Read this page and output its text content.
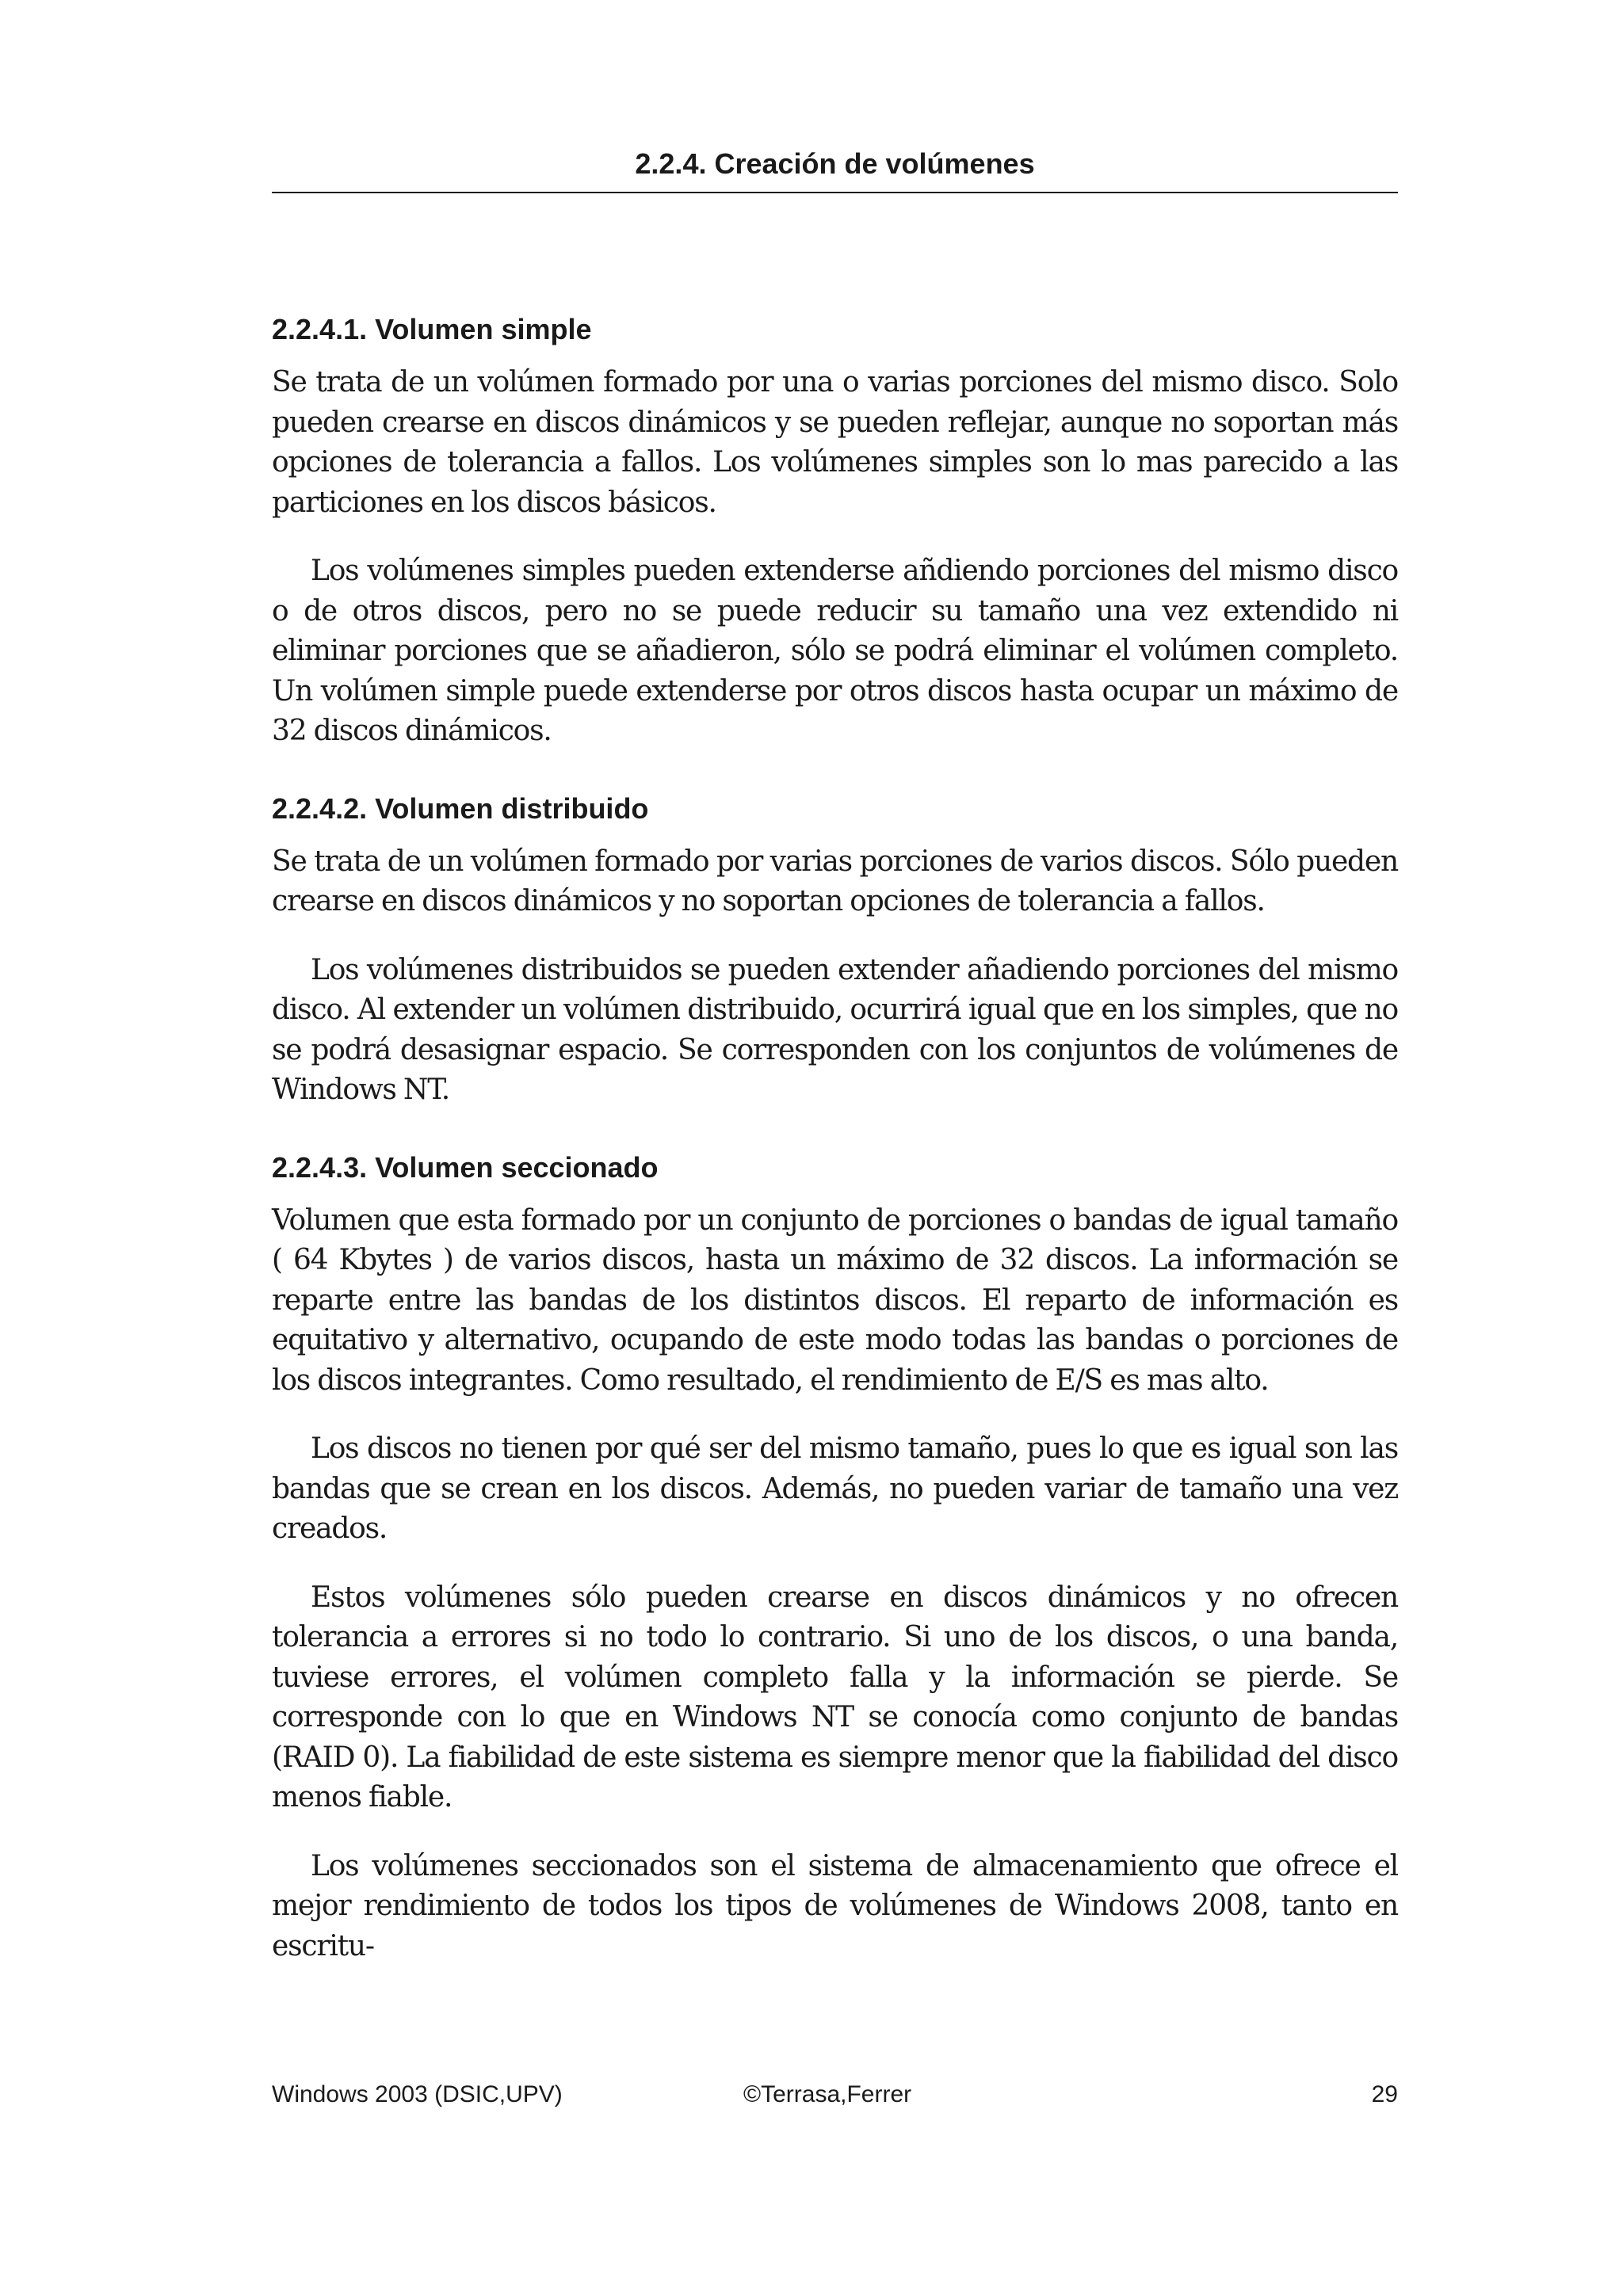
2.2.4. Creación de volúmenes
2.2.4.1. Volumen simple

Se trata de un volúmen formado por una o varias porciones del mismo disco. Solo pueden crearse en discos dinámicos y se pueden reflejar, aunque no soportan más opciones de tolerancia a fallos. Los volúmenes simples son lo mas parecido a las particiones en los discos básicos.

Los volúmenes simples pueden extenderse añdiendo porciones del mismo disco o de otros discos, pero no se puede reducir su tamaño una vez extendido ni eliminar porciones que se añadieron, sólo se podrá eliminar el volúmen completo. Un volúmen simple puede extenderse por otros discos hasta ocupar un máximo de 32 discos dinámicos.

2.2.4.2. Volumen distribuido

Se trata de un volúmen formado por varias porciones de varios discos. Sólo pueden crearse en discos dinámicos y no soportan opciones de tolerancia a fallos.

Los volúmenes distribuidos se pueden extender añadiendo porciones del mismo disco. Al extender un volúmen distribuido, ocurrirá igual que en los simples, que no se podrá desasignar espacio. Se corresponden con los conjuntos de volúmenes de Windows NT.

2.2.4.3. Volumen seccionado

Volumen que esta formado por un conjunto de porciones o bandas de igual tamaño ( 64 Kbytes ) de varios discos, hasta un máximo de 32 discos. La información se reparte entre las bandas de los distintos discos. El reparto de información es equitativo y alternativo, ocupando de este modo todas las bandas o porciones de los discos integrantes. Como resultado, el rendimiento de E/S es mas alto.

Los discos no tienen por qué ser del mismo tamaño, pues lo que es igual son las bandas que se crean en los discos. Además, no pueden variar de tamaño una vez creados.

Estos volúmenes sólo pueden crearse en discos dinámicos y no ofrecen tolerancia a errores si no todo lo contrario. Si uno de los discos, o una banda, tuviese errores, el volúmen completo falla y la información se pierde. Se corresponde con lo que en Windows NT se conocía como conjunto de bandas (RAID 0). La fiabilidad de este sistema es siempre menor que la fiabilidad del disco menos fiable.

Los volúmenes seccionados son el sistema de almacenamiento que ofrece el mejor rendimiento de todos los tipos de volúmenes de Windows 2008, tanto en escritu-

Windows 2003 (DSIC,UPV)	©Terrasa,Ferrer	29
